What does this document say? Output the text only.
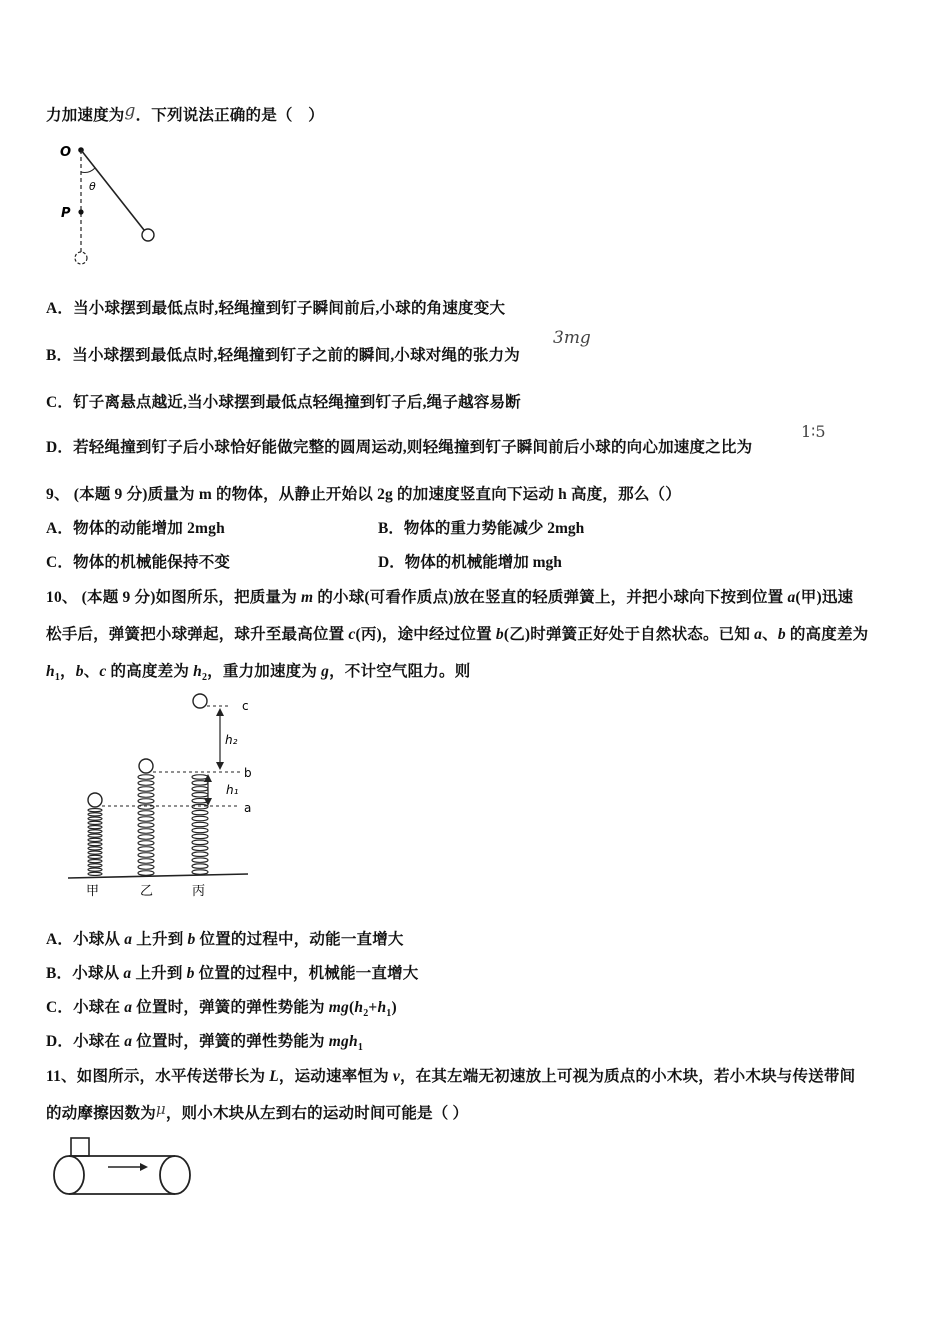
力加速度为g．下列说法正确的是（　）
O
θ
P
A．当小球摆到最低点时,轻绳撞到钉子瞬间前后,小球的角速度变大
B．当小球摆到最低点时,轻绳撞到钉子之前的瞬间,小球对绳的张力为
3mg
C．钉子离悬点越近,当小球摆到最低点轻绳撞到钉子后,绳子越容易断
D．若轻绳撞到钉子后小球恰好能做完整的圆周运动,则轻绳撞到钉子瞬间前后小球的向心加速度之比为
1∶5
9、 (本题 9 分)质量为 m 的物体，从静止开始以 2g 的加速度竖直向下运动 h 高度，那么（）
A．物体的动能增加 2mgh	B．物体的重力势能减少 2mgh
C．物体的机械能保持不变	D．物体的机械能增加 mgh
10、 (本题 9 分)如图所乐，把质量为 m 的小球(可看作质点)放在竖直的轻质弹簧上，并把小球向下按到位置 a(甲)迅速
松手后，弹簧把小球弹起，球升至最高位置 c(丙)，途中经过位置 b(乙)时弹簧正好处于自然状态。已知 a、b 的高度差为
$h_1$，b、c 的高度差为 $h_2$，重力加速度为 g，不计空气阻力。则
h₂
h₁
c
b
a
甲	乙	丙
A．小球从 a 上升到 b 位置的过程中，动能一直增大
B．小球从 a 上升到 b 位置的过程中，机械能一直增大
C．小球在 a 位置时，弹簧的弹性势能为 $mg(h_2+h_1)$
D．小球在 a 位置时，弹簧的弹性势能为 mgh$_1$
11、如图所示，水平传送带长为 L，运动速率恒为 v，在其左端无初速放上可视为质点的小木块，若小木块与传送带间
的动摩擦因数为μ，则小木块从左到右的运动时间可能是（ ）
